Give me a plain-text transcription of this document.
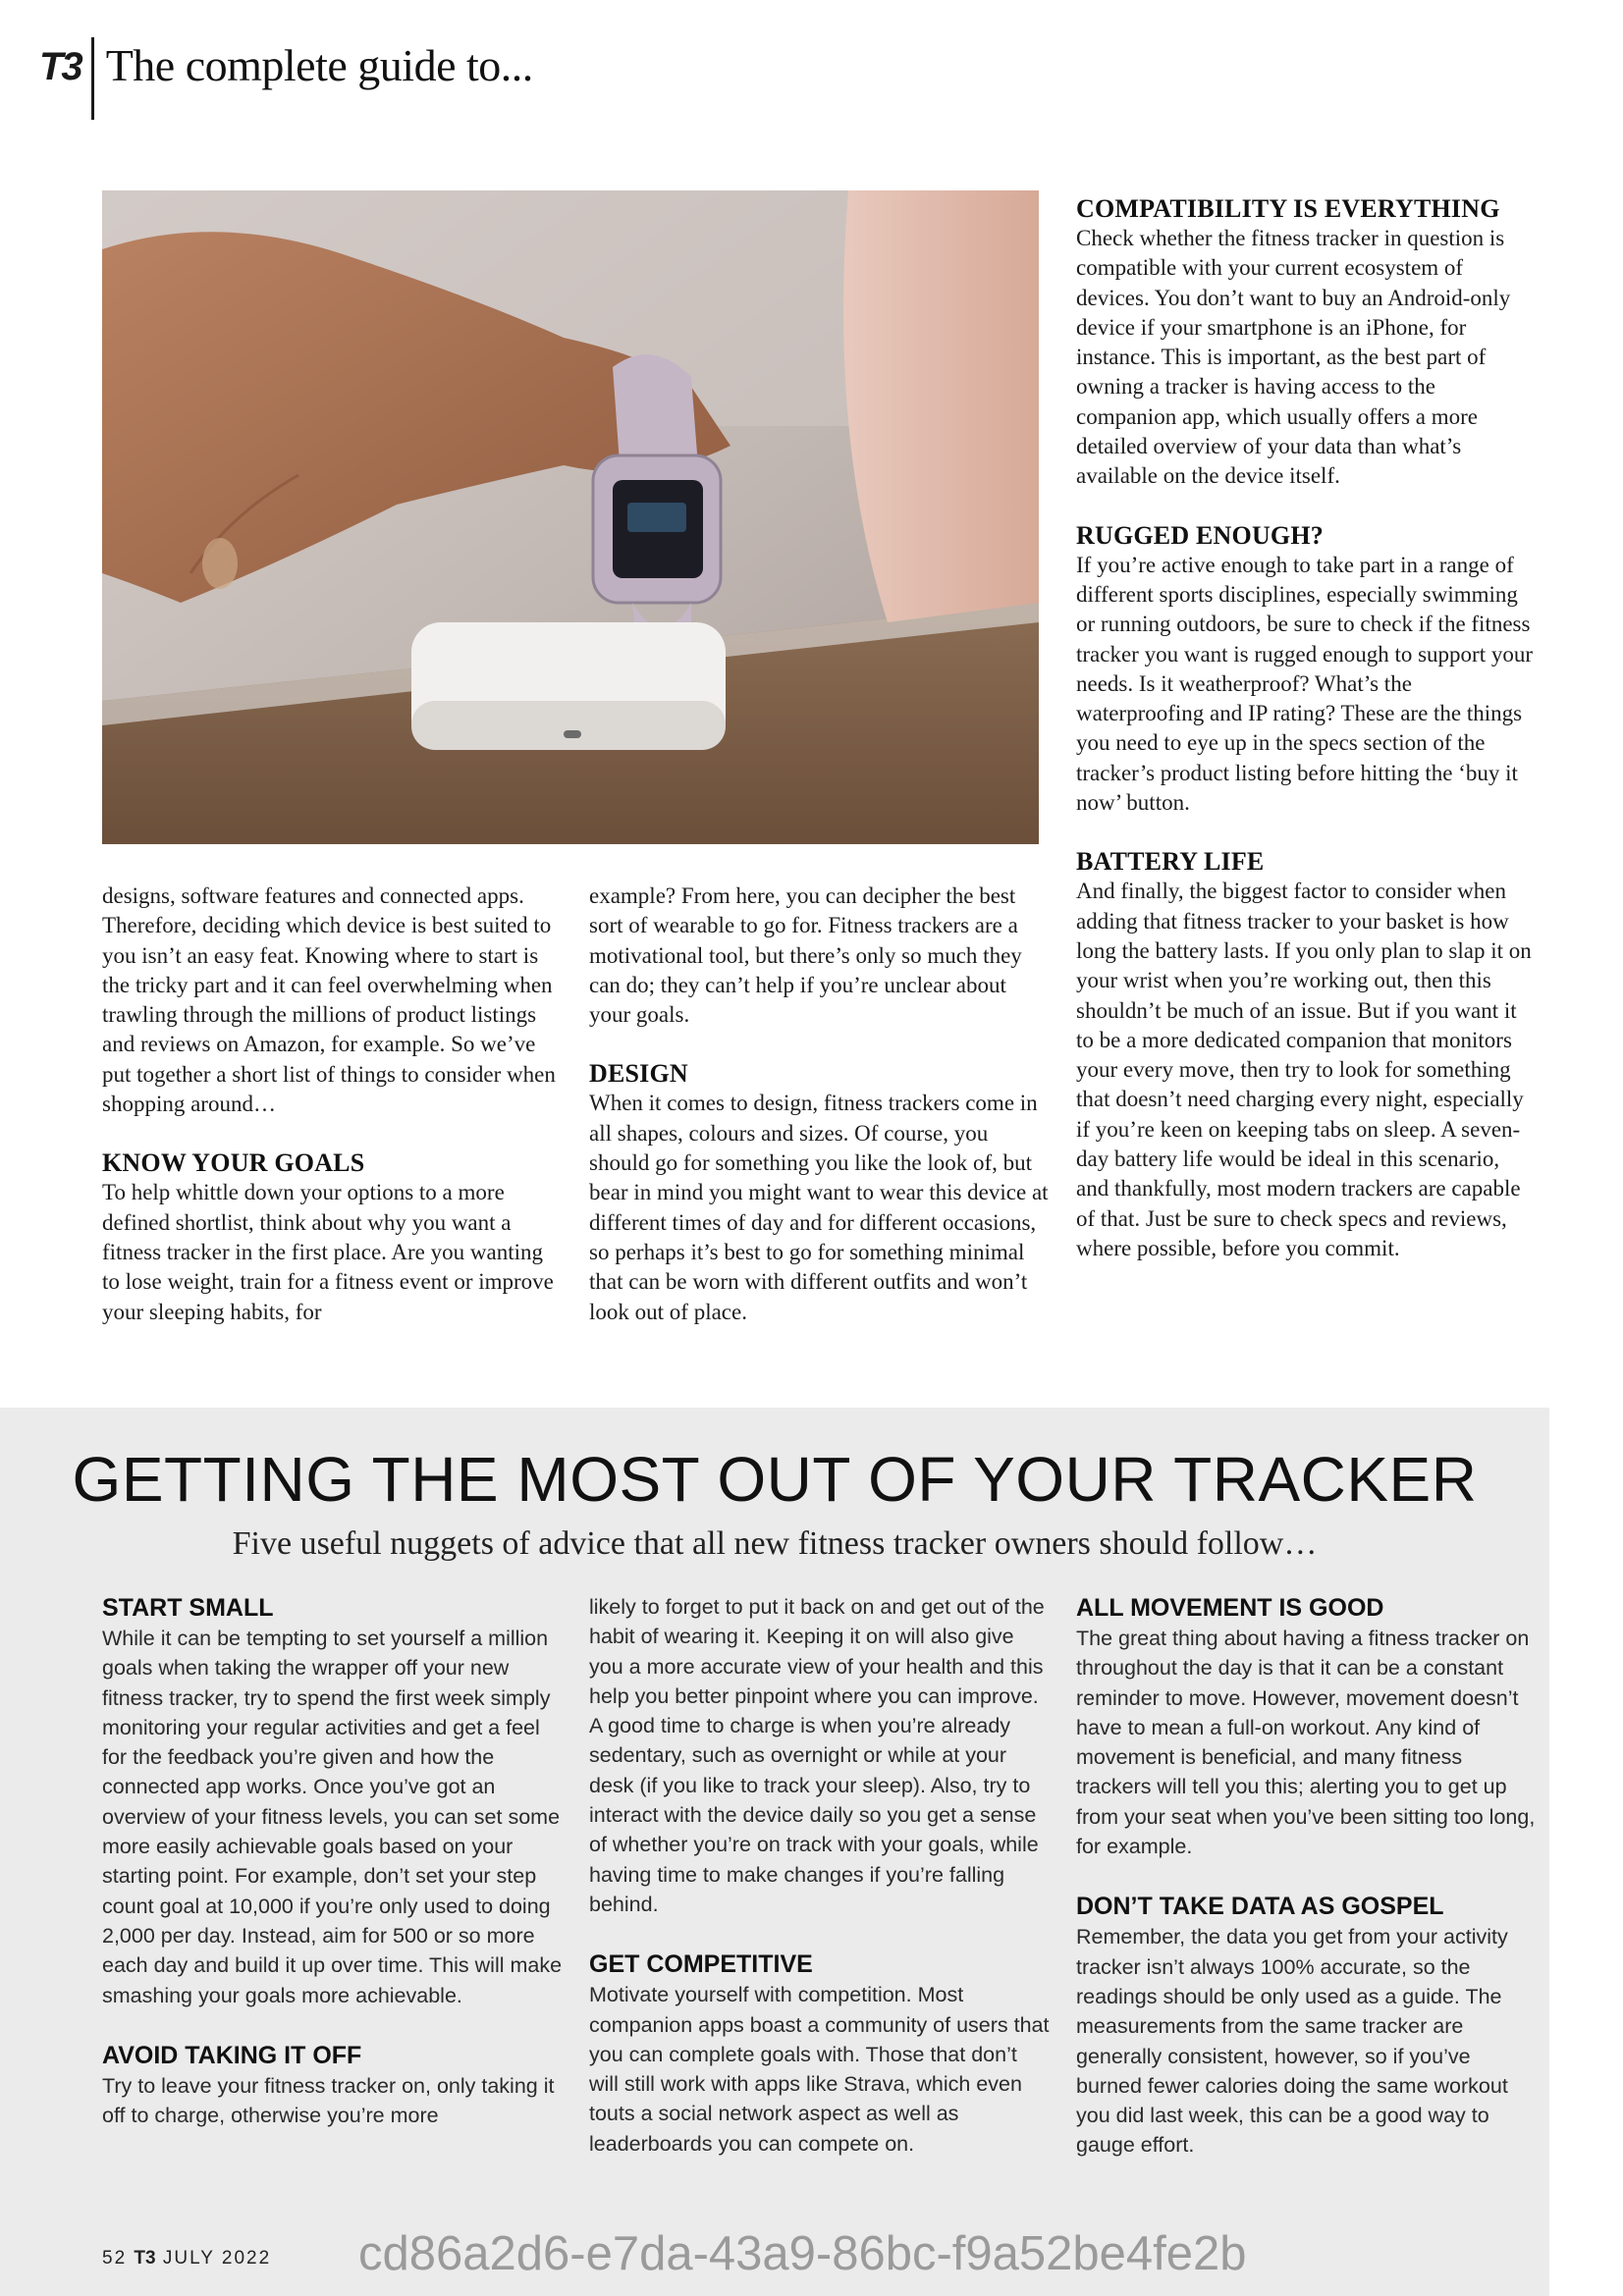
T3 The complete guide to...

designs, software features and connected apps. Therefore, deciding which device is best suited to you isn’t an easy feat. Knowing where to start is the tricky part and it can feel overwhelming when trawling through the millions of product listings and reviews on Amazon, for example. So we’ve put together a short list of things to consider when shopping around…

KNOW YOUR GOALS

To help whittle down your options to a more defined shortlist, think about why you want a fitness tracker in the first place. Are you wanting to lose weight, train for a fitness event or improve your sleeping habits, for

example? From here, you can decipher the best sort of wearable to go for. Fitness trackers are a motivational tool, but there’s only so much they can do; they can’t help if you’re unclear about your goals.

DESIGN

When it comes to design, fitness trackers come in all shapes, colours and sizes. Of course, you should go for something you like the look of, but bear in mind you might want to wear this device at different times of day and for different occasions, so perhaps it’s best to go for something minimal that can be worn with different outfits and won’t look out of place.

COMPATIBILITY IS EVERYTHING

Check whether the fitness tracker in question is compatible with your current ecosystem of devices. You don’t want to buy an Android-only device if your smartphone is an iPhone, for instance. This is important, as the best part of owning a tracker is having access to the companion app, which usually offers a more detailed overview of your data than what’s available on the device itself.

RUGGED ENOUGH?

If you’re active enough to take part in a range of different sports disciplines, especially swimming or running outdoors, be sure to check if the fitness tracker you want is rugged enough to support your needs. Is it weatherproof? What’s the waterproofing and IP rating? These are the things you need to eye up in the specs section of the tracker’s product listing before hitting the ‘buy it now’ button.

BATTERY LIFE

And finally, the biggest factor to consider when adding that fitness tracker to your basket is how long the battery lasts. If you only plan to slap it on your wrist when you’re working out, then this shouldn’t be much of an issue. But if you want it to be a more dedicated companion that monitors your every move, then try to look for something that doesn’t need charging every night, especially if you’re keen on keeping tabs on sleep. A seven-day battery life would be ideal in this scenario, and thankfully, most modern trackers are capable of that. Just be sure to check specs and reviews, where possible, before you commit.

GETTING THE MOST OUT OF YOUR TRACKER
Five useful nuggets of advice that all new fitness tracker owners should follow…
START SMALL

While it can be tempting to set yourself a million goals when taking the wrapper off your new fitness tracker, try to spend the first week simply monitoring your regular activities and get a feel for the feedback you’re given and how the connected app works. Once you’ve got an overview of your fitness levels, you can set some more easily achievable goals based on your starting point. For example, don’t set your step count goal at 10,000 if you’re only used to doing 2,000 per day. Instead, aim for 500 or so more each day and build it up over time. This will make smashing your goals more achievable.

AVOID TAKING IT OFF

Try to leave your fitness tracker on, only taking it off to charge, otherwise you’re more

likely to forget to put it back on and get out of the habit of wearing it. Keeping it on will also give you a more accurate view of your health and this help you better pinpoint where you can improve. A good time to charge is when you’re already sedentary, such as overnight or while at your desk (if you like to track your sleep). Also, try to interact with the device daily so you get a sense of whether you’re on track with your goals, while having time to make changes if you’re falling behind.

GET COMPETITIVE

Motivate yourself with competition. Most companion apps boast a community of users that you can complete goals with. Those that don’t will still work with apps like Strava, which even touts a social network aspect as well as leaderboards you can compete on.

ALL MOVEMENT IS GOOD

The great thing about having a fitness tracker on throughout the day is that it can be a constant reminder to move. However, movement doesn’t have to mean a full-on workout. Any kind of movement is beneficial, and many fitness trackers will tell you this; alerting you to get up from your seat when you’ve been sitting too long, for example.

DON’T TAKE DATA AS GOSPEL

Remember, the data you get from your activity tracker isn’t always 100% accurate, so the readings should be only used as a guide. The measurements from the same tracker are generally consistent, however, so if you’ve burned fewer calories doing the same workout you did last week, this can be a good way to gauge effort.

52 T3 JULY 2022 cd86a2d6-e7da-43a9-86bc-f9a52be4fe2b
